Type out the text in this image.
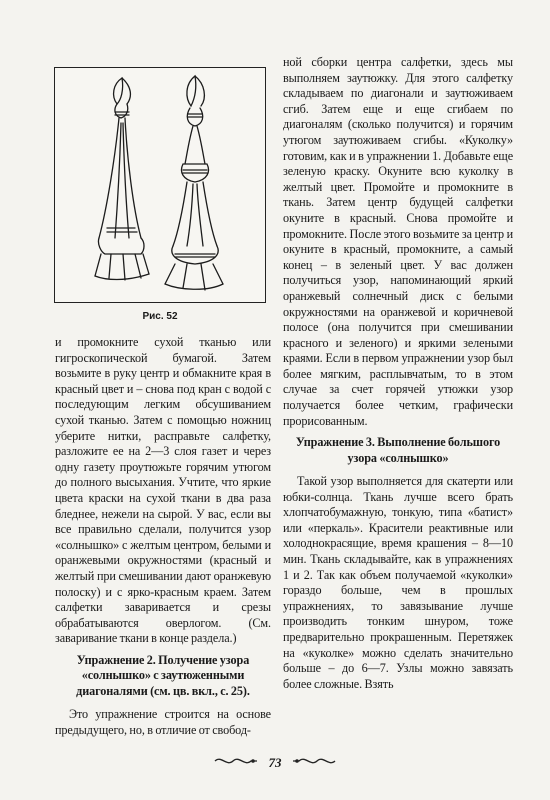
Рис. 52

и промокните сухой тканью или гигроскопической бумагой. Затем возьмите в руку центр и обмакните края в красный цвет и – снова под кран с водой с последующим легким обсушиванием сухой тканью. Затем с помощью ножниц уберите нитки, расправьте салфетку, разложите ее на 2—3 слоя газет и через одну газету проутюжьте горячим утюгом до полного высыхания. Учтите, что яркие цвета краски на сухой ткани в два раза бледнее, нежели на сырой. У вас, если вы все правильно сделали, получится узор «солнышко» с желтым центром, белыми и оранжевыми окружностями (красный и желтый при смешивании дают оранжевую полоску) и с ярко-красным краем. Затем салфетки заваривается и срезы обрабатываются оверлогом. (См. заваривание ткани в конце раздела.)

Упражнение 2. Получение узора «солнышко» с заутюженными диагоналями (см. цв. вкл., с. 25).

Это упражнение строится на основе предыдущего, но, в отличие от свобод-

ной сборки центра салфетки, здесь мы выполняем заутюжку. Для этого салфетку складываем по диагонали и заутюживаем сгиб. Затем еще и еще сгибаем по диагоналям (сколько получится) и горячим утюгом заутюживаем сгибы. «Куколку» готовим, как и в упражнении 1. Добавьте еще зеленую краску. Окуните всю куколку в желтый цвет. Промойте и промокните в ткань. Затем центр будущей салфетки окуните в красный. Снова промойте и промокните. После этого возьмите за центр и окуните в красный, промокните, а самый конец – в зеленый цвет. У вас должен получиться узор, напоминающий яркий оранжевый солнечный диск с белыми окружностями на оранжевой и коричневой полосе (она получится при смешивании красного и зеленого) и яркими зелеными краями. Если в первом упражнении узор был более мягким, расплывчатым, то в этом случае за счет горячей утюжки узор получается более четким, графически прорисованным.

Упражнение 3. Выполнение большого узора «солнышко»

Такой узор выполняется для скатерти или юбки-солнца. Ткань лучше всего брать хлопчатобумажную, тонкую, типа «батист» или «перкаль». Красители реактивные или холоднокрасящие, время крашения – 8—10 мин. Ткань складывайте, как в упражнениях 1 и 2. Так как объем получаемой «куколки» гораздо больше, чем в прошлых упражнениях, то завязывание лучше производить тонким шнуром, тоже предварительно прокрашенным. Перетяжек на «куколке» можно сделать значительно больше – до 6—7. Узлы можно завязать более сложные. Взять

73
